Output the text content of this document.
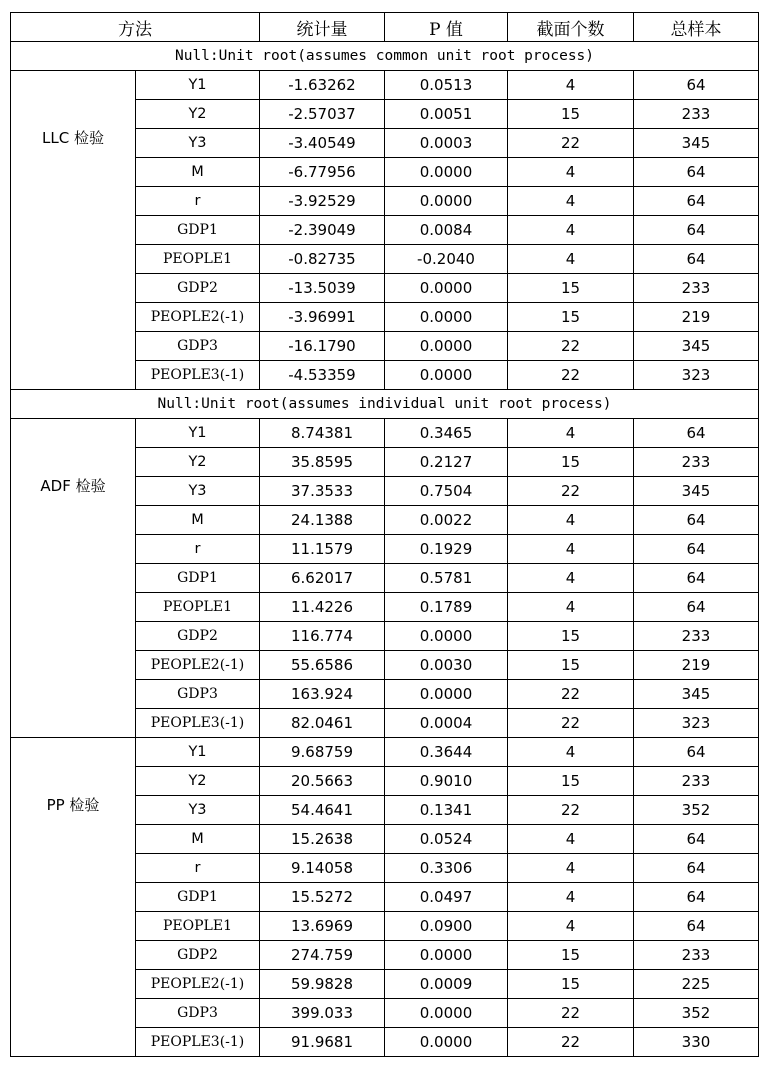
方法		统计量	P 值	截面个数	总样本
Null:Unit root(assumes common unit root process)					
LLC 检验	Y1	-1.63262	0.0513	4	64
	Y2	-2.57037	0.0051	15	233
	Y3	-3.40549	0.0003	22	345
	M	-6.77956	0.0000	4	64
	r	-3.92529	0.0000	4	64
	GDP1	-2.39049	0.0084	4	64
	PEOPLE1	-0.82735	-0.2040	4	64
	GDP2	-13.5039	0.0000	15	233
	PEOPLE2(-1)	-3.96991	0.0000	15	219
	GDP3	-16.1790	0.0000	22	345
	PEOPLE3(-1)	-4.53359	0.0000	22	323
Null:Unit root(assumes individual unit root process)					
ADF 检验	Y1	8.74381	0.3465	4	64
	Y2	35.8595	0.2127	15	233
	Y3	37.3533	0.7504	22	345
	M	24.1388	0.0022	4	64
	r	11.1579	0.1929	4	64
	GDP1	6.62017	0.5781	4	64
	PEOPLE1	11.4226	0.1789	4	64
	GDP2	116.774	0.0000	15	233
	PEOPLE2(-1)	55.6586	0.0030	15	219
	GDP3	163.924	0.0000	22	345
	PEOPLE3(-1)	82.0461	0.0004	22	323
PP 检验	Y1	9.68759	0.3644	4	64
	Y2	20.5663	0.9010	15	233
	Y3	54.4641	0.1341	22	352
	M	15.2638	0.0524	4	64
	r	9.14058	0.3306	4	64
	GDP1	15.5272	0.0497	4	64
	PEOPLE1	13.6969	0.0900	4	64
	GDP2	274.759	0.0000	15	233
	PEOPLE2(-1)	59.9828	0.0009	15	225
	GDP3	399.033	0.0000	22	352
	PEOPLE3(-1)	91.9681	0.0000	22	330
